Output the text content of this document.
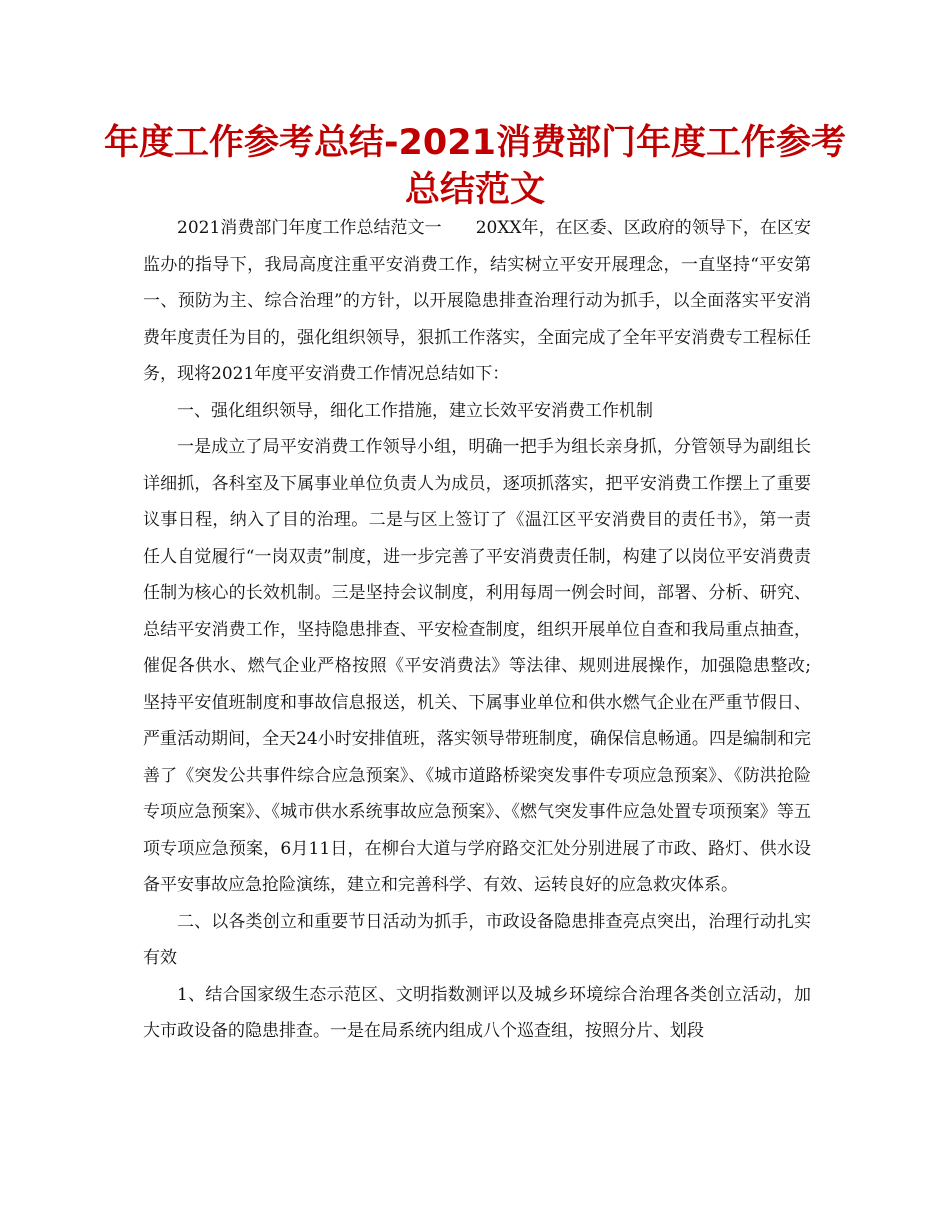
年度工作参考总结-2021消费部门年度工作参考总结范文

2021消费部门年度工作总结范文一　　20XX年，在区委、区政府的领导下，在区安监办的指导下，我局高度注重平安消费工作，结实树立平安开展理念，一直坚持“平安第一、预防为主、综合治理”的方针，以开展隐患排查治理行动为抓手，以全面落实平安消费年度责任为目的，强化组织领导，狠抓工作落实，全面完成了全年平安消费专工程标任务，现将2021年度平安消费工作情况总结如下：

一、强化组织领导，细化工作措施，建立长效平安消费工作机制

一是成立了局平安消费工作领导小组，明确一把手为组长亲身抓，分管领导为副组长详细抓，各科室及下属事业单位负责人为成员，逐项抓落实，把平安消费工作摆上了重要议事日程，纳入了目的治理。二是与区上签订了《温江区平安消费目的责任书》，第一责任人自觉履行“一岗双责”制度，进一步完善了平安消费责任制，构建了以岗位平安消费责任制为核心的长效机制。三是坚持会议制度，利用每周一例会时间，部署、分析、研究、总结平安消费工作，坚持隐患排查、平安检查制度，组织开展单位自查和我局重点抽查，催促各供水、燃气企业严格按照《平安消费法》等法律、规则进展操作，加强隐患整改;坚持平安值班制度和事故信息报送，机关、下属事业单位和供水燃气企业在严重节假日、严重活动期间，全天24小时安排值班，落实领导带班制度，确保信息畅通。四是编制和完善了《突发公共事件综合应急预案》、《城市道路桥梁突发事件专项应急预案》、《防洪抢险专项应急预案》、《城市供水系统事故应急预案》、《燃气突发事件应急处置专项预案》等五项专项应急预案，6月11日，在柳台大道与学府路交汇处分别进展了市政、路灯、供水设备平安事故应急抢险演练，建立和完善科学、有效、运转良好的应急救灾体系。

二、以各类创立和重要节日活动为抓手，市政设备隐患排查亮点突出，治理行动扎实有效

1、结合国家级生态示范区、文明指数测评以及城乡环境综合治理各类创立活动，加大市政设备的隐患排查。一是在局系统内组成八个巡查组，按照分片、划段
